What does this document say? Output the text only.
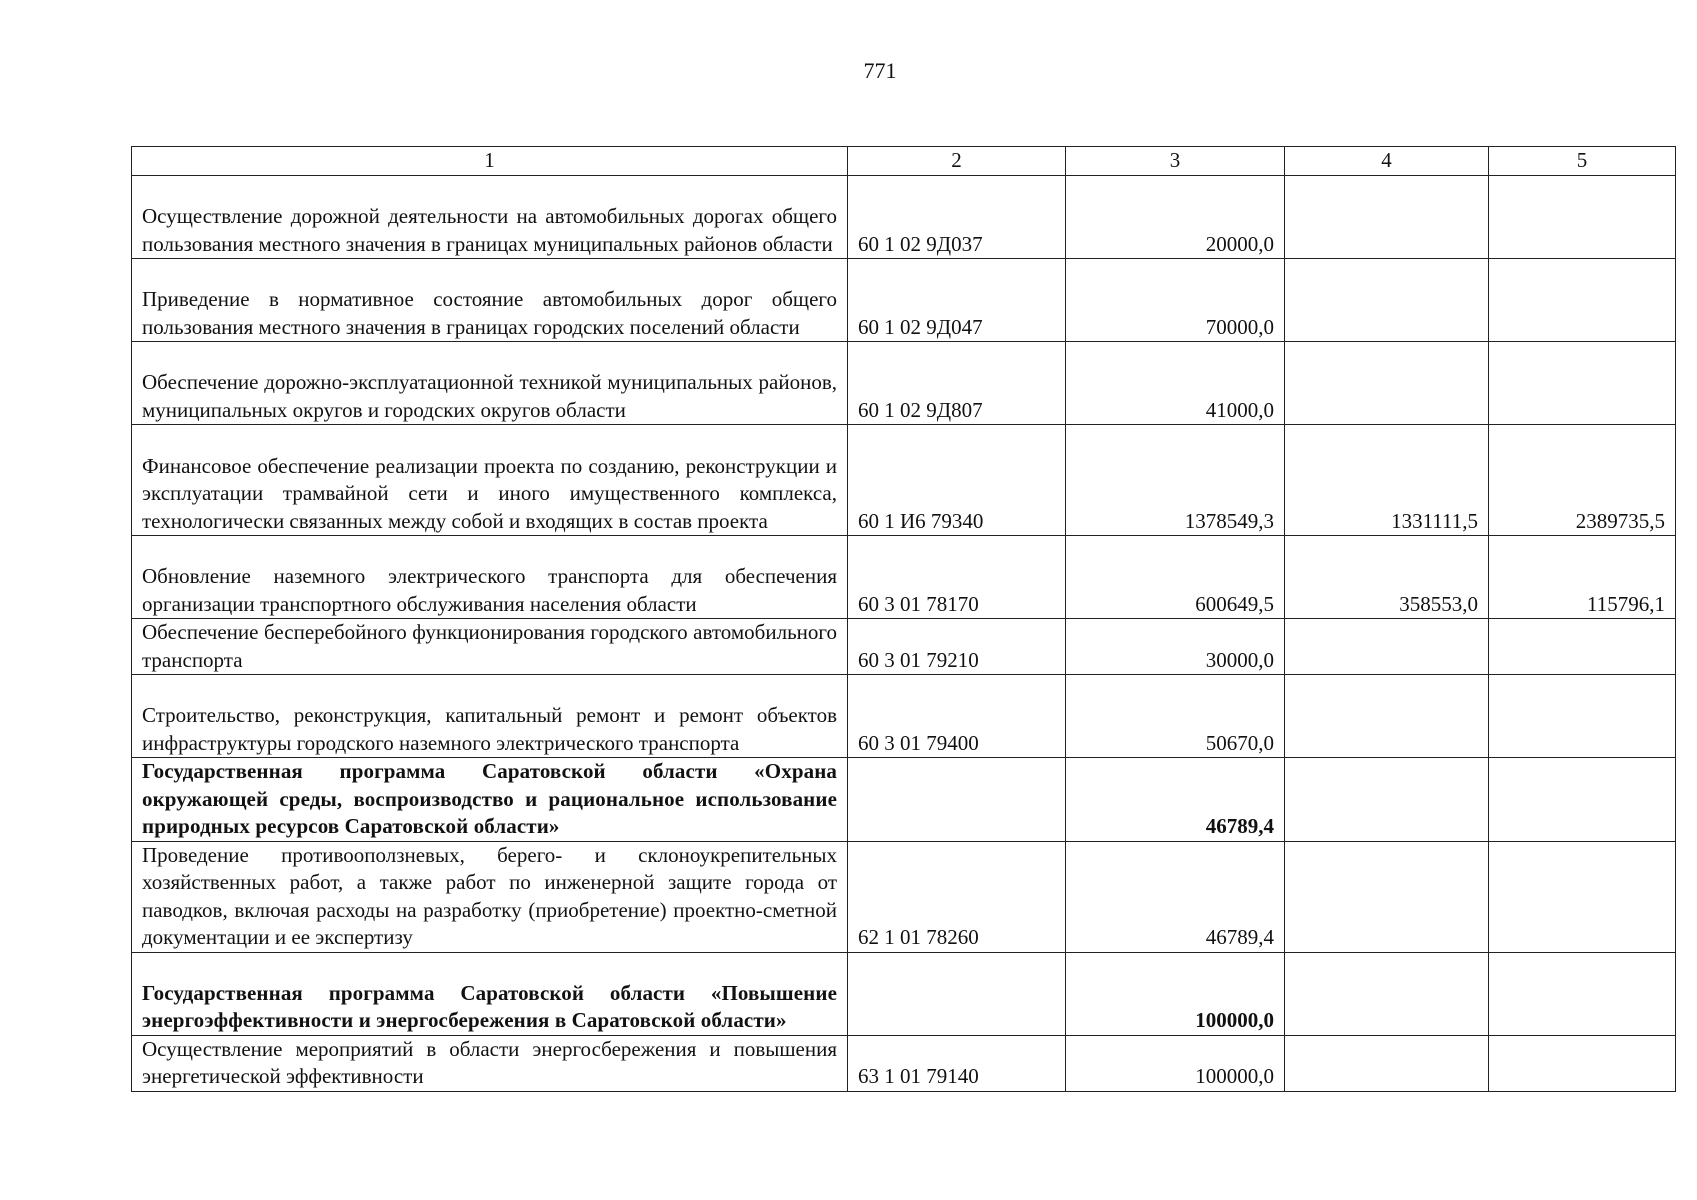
771
1	2	3	4	5
Осуществление дорожной деятельности на автомобильных дорогах общего пользования местного значения в границах муниципальных районов области	60 1 02 9Д037	20000,0		
Приведение в нормативное состояние автомобильных дорог общего пользования местного значения в границах городских поселений области	60 1 02 9Д047	70000,0		
Обеспечение дорожно-эксплуатационной техникой муниципальных районов, муниципальных округов и городских округов области	60 1 02 9Д807	41000,0		
Финансовое обеспечение реализации проекта по созданию, реконструкции и эксплуатации трамвайной сети и иного имущественного комплекса, технологически связанных между собой и входящих в состав проекта	60 1 И6 79340	1378549,3	1331111,5	2389735,5
Обновление наземного электрического транспорта для обеспечения организации транспортного обслуживания населения области	60 3 01 78170	600649,5	358553,0	115796,1
Обеспечение бесперебойного функционирования городского автомобильного транспорта	60 3 01 79210	30000,0		
Строительство, реконструкция, капитальный ремонт и ремонт объектов инфраструктуры городского наземного электрического транспорта	60 3 01 79400	50670,0		
Государственная программа Саратовской области «Охрана окружающей среды, воспроизводство и рациональное использование природных ресурсов Саратовской области»		46789,4		
Проведение противооползневых, берего- и склоноукрепительных хозяйственных работ, а также работ по инженерной защите города от паводков, включая расходы на разработку (приобретение) проектно-сметной документации и ее экспертизу	62 1 01 78260	46789,4		
Государственная программа Саратовской области «Повышение энергоэффективности и энергосбережения в Саратовской области»		100000,0		
Осуществление мероприятий в области энергосбережения и повышения энергетической эффективности	63 1 01 79140	100000,0		
